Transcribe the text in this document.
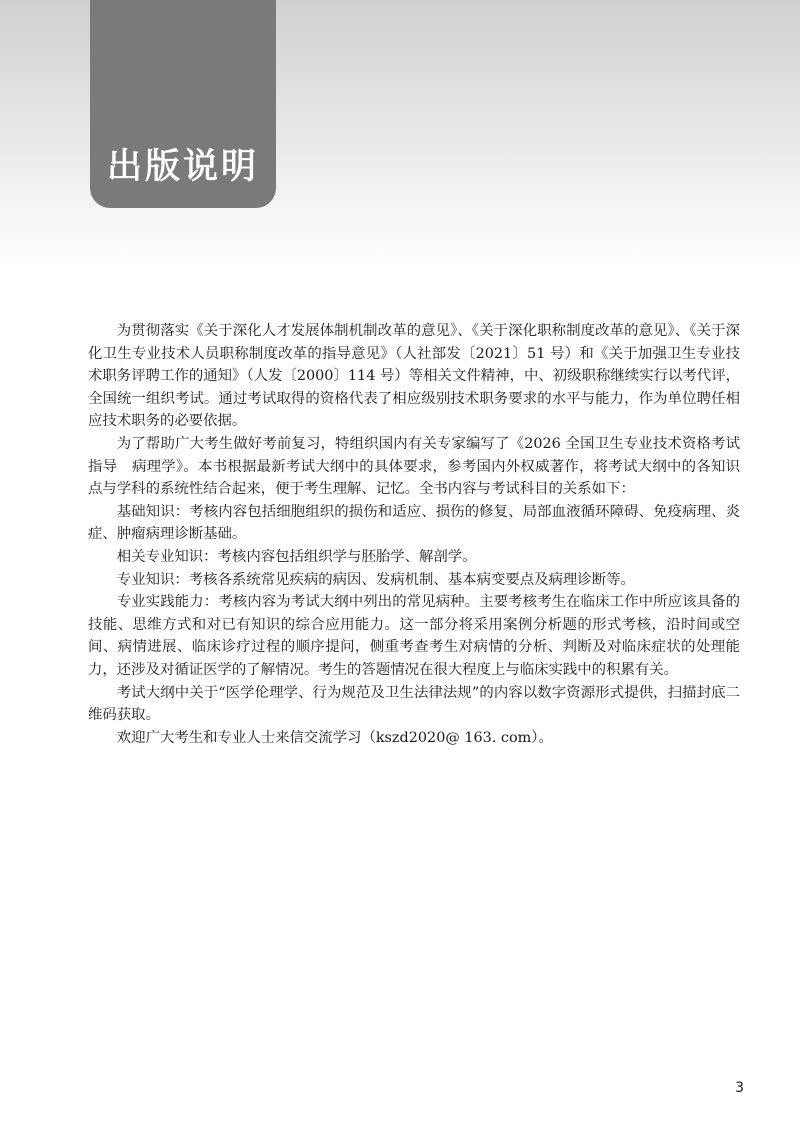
出版说明

为贯彻落实《关于深化人才发展体制机制改革的意见》、《关于深化职称制度改革的意见》、《关于深化卫生专业技术人员职称制度改革的指导意见》（人社部发〔2021〕51 号）和《关于加强卫生专业技术职务评聘工作的通知》（人发〔2000〕114 号）等相关文件精神，中、初级职称继续实行以考代评，全国统一组织考试。通过考试取得的资格代表了相应级别技术职务要求的水平与能力，作为单位聘任相应技术职务的必要依据。

为了帮助广大考生做好考前复习，特组织国内有关专家编写了《2026 全国卫生专业技术资格考试指导　病理学》。本书根据最新考试大纲中的具体要求，参考国内外权威著作，将考试大纲中的各知识点与学科的系统性结合起来，便于考生理解、记忆。全书内容与考试科目的关系如下：

基础知识：考核内容包括细胞组织的损伤和适应、损伤的修复、局部血液循环障碍、免疫病理、炎症、肿瘤病理诊断基础。

相关专业知识：考核内容包括组织学与胚胎学、解剖学。

专业知识：考核各系统常见疾病的病因、发病机制、基本病变要点及病理诊断等。

专业实践能力：考核内容为考试大纲中列出的常见病种。主要考核考生在临床工作中所应该具备的技能、思维方式和对已有知识的综合应用能力。这一部分将采用案例分析题的形式考核，沿时间或空间、病情进展、临床诊疗过程的顺序提问，侧重考查考生对病情的分析、判断及对临床症状的处理能力，还涉及对循证医学的了解情况。考生的答题情况在很大程度上与临床实践中的积累有关。

考试大纲中关于“医学伦理学、行为规范及卫生法律法规”的内容以数字资源形式提供，扫描封底二维码获取。

欢迎广大考生和专业人士来信交流学习（kszd2020@ 163. com）。

3
